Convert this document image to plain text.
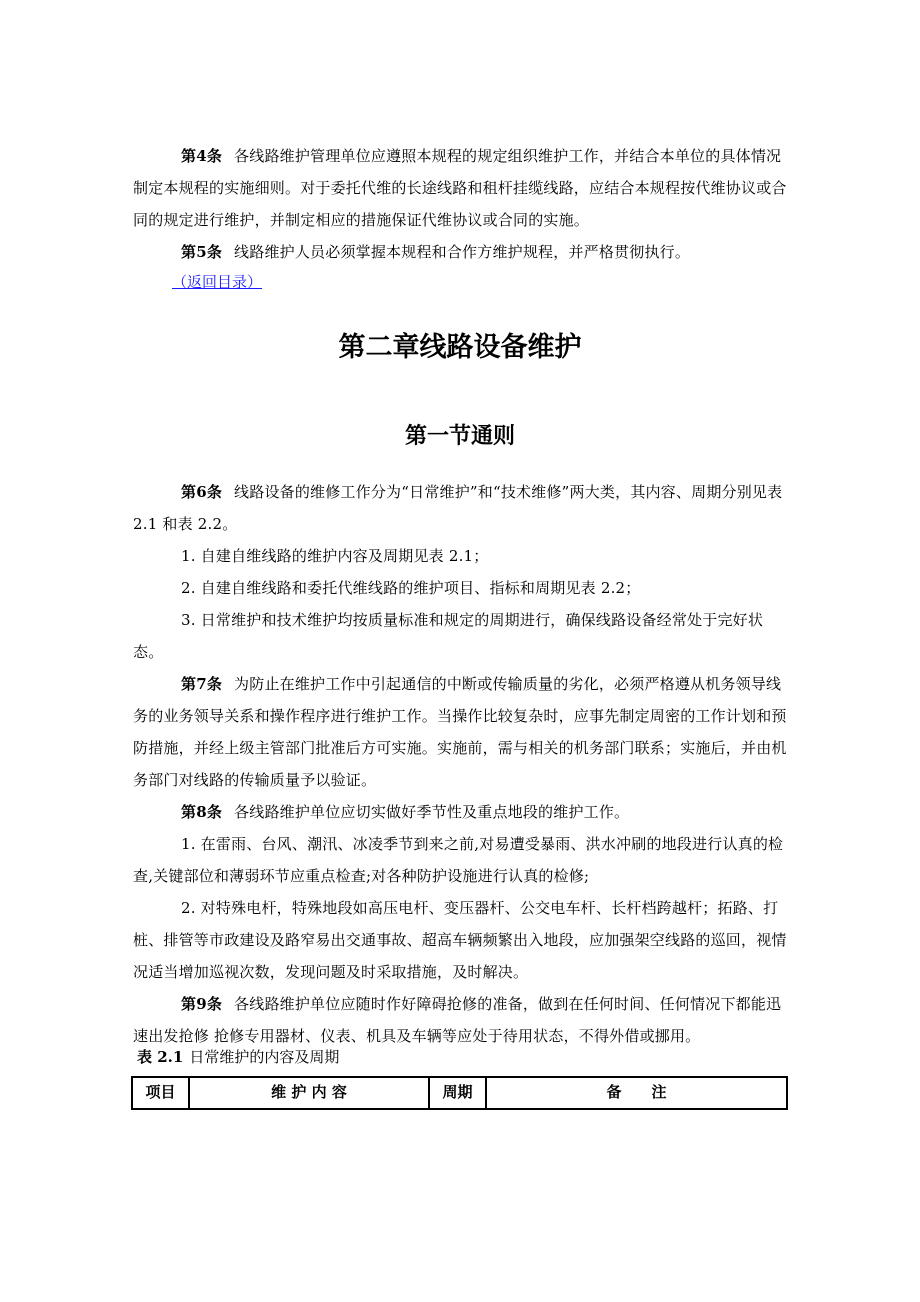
第4条 各线路维护管理单位应遵照本规程的规定组织维护工作，并结合本单位的具体情况制定本规程的实施细则。对于委托代维的长途线路和租杆挂缆线路，应结合本规程按代维协议或合同的规定进行维护，并制定相应的措施保证代维协议或合同的实施。

第5条 线路维护人员必须掌握本规程和合作方维护规程，并严格贯彻执行。

（返回目录）
第二章线路设备维护
第一节通则

第6条 线路设备的维修工作分为“日常维护”和“技术维修”两大类，其内容、周期分别见表 2.1 和表 2.2。

1. 自建自维线路的维护内容及周期见表 2.1；

2. 自建自维线路和委托代维线路的维护项目、指标和周期见表 2.2；

3. 日常维护和技术维护均按质量标准和规定的周期进行，确保线路设备经常处于完好状态。

第7条 为防止在维护工作中引起通信的中断或传输质量的劣化，必须严格遵从机务领导线务的业务领导关系和操作程序进行维护工作。当操作比较复杂时，应事先制定周密的工作计划和预防措施，并经上级主管部门批准后方可实施。实施前，需与相关的机务部门联系；实施后，并由机务部门对线路的传输质量予以验证。

第8条 各线路维护单位应切实做好季节性及重点地段的维护工作。

1. 在雷雨、台风、潮汛、冰凌季节到来之前,对易遭受暴雨、洪水冲刷的地段进行认真的检查,关键部位和薄弱环节应重点检查;对各种防护设施进行认真的检修;

2. 对特殊电杆，特殊地段如高压电杆、变压器杆、公交电车杆、长杆档跨越杆；拓路、打桩、排管等市政建设及路窄易出交通事故、超高车辆频繁出入地段，应加强架空线路的巡回，视情况适当增加巡视次数，发现问题及时采取措施，及时解决。

第9条 各线路维护单位应随时作好障碍抢修的准备，做到在任何时间、任何情况下都能迅速出发抢修 抢修专用器材、仪表、机具及车辆等应处于待用状态，不得外借或挪用。

表 2.1 日常维护的内容及周期
项目	维 护 内 容	周期	备　　注
